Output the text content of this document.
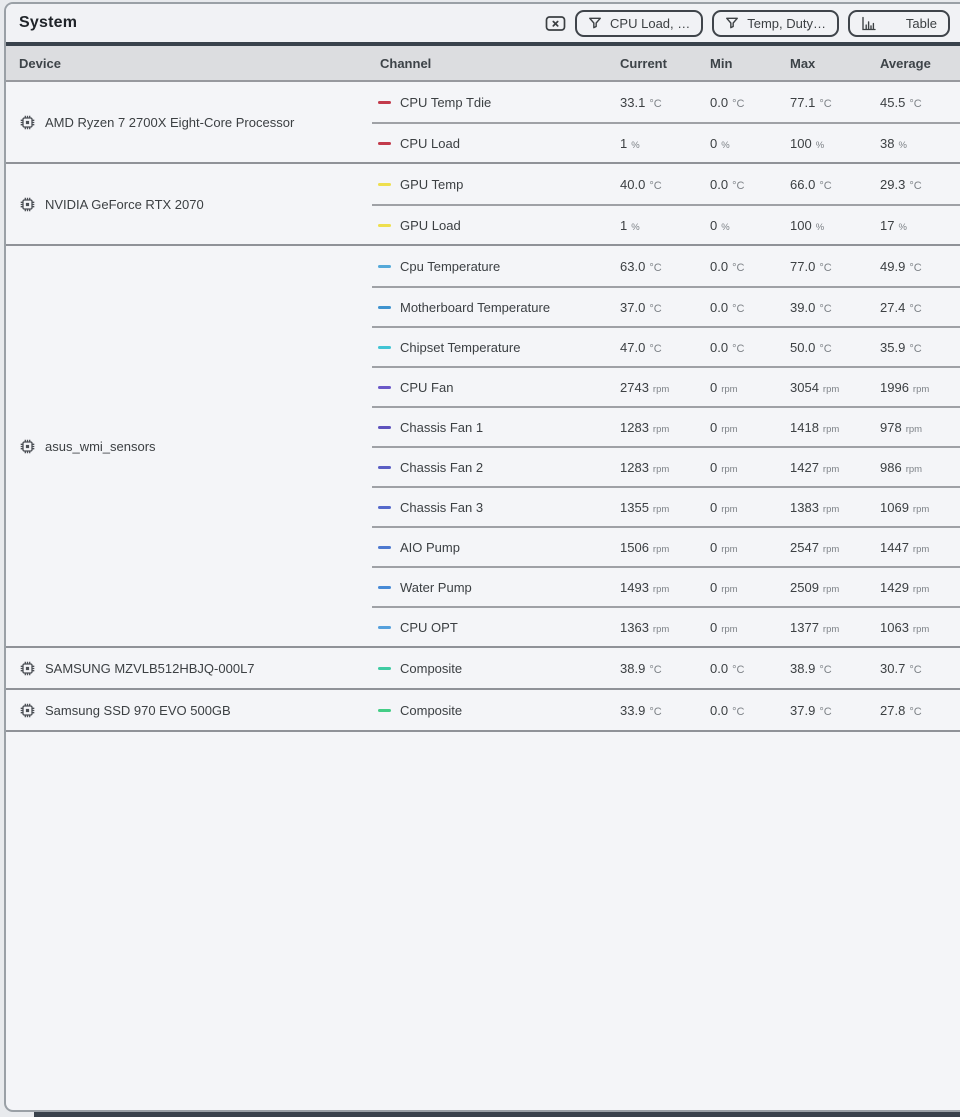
System	CPU Load, …	Temp, Duty…	Table
Device	Channel	Current	Min	Max	Average
AMD Ryzen 7 2700X Eight-Core Processor
CPU Temp Tdie	33.1 °C	0.0 °C	77.1 °C	45.5 °C
CPU Load	1 %	0 %	100 %	38 %
NVIDIA GeForce RTX 2070
GPU Temp	40.0 °C	0.0 °C	66.0 °C	29.3 °C
GPU Load	1 %	0 %	100 %	17 %
asus_wmi_sensors
Cpu Temperature	63.0 °C	0.0 °C	77.0 °C	49.9 °C
Motherboard Temperature	37.0 °C	0.0 °C	39.0 °C	27.4 °C
Chipset Temperature	47.0 °C	0.0 °C	50.0 °C	35.9 °C
CPU Fan	2743 rpm	0 rpm	3054 rpm	1996 rpm
Chassis Fan 1	1283 rpm	0 rpm	1418 rpm	978 rpm
Chassis Fan 2	1283 rpm	0 rpm	1427 rpm	986 rpm
Chassis Fan 3	1355 rpm	0 rpm	1383 rpm	1069 rpm
AIO Pump	1506 rpm	0 rpm	2547 rpm	1447 rpm
Water Pump	1493 rpm	0 rpm	2509 rpm	1429 rpm
CPU OPT	1363 rpm	0 rpm	1377 rpm	1063 rpm
SAMSUNG MZVLB512HBJQ-000L7	Composite	38.9 °C	0.0 °C	38.9 °C	30.7 °C
Samsung SSD 970 EVO 500GB	Composite	33.9 °C	0.0 °C	37.9 °C	27.8 °C
